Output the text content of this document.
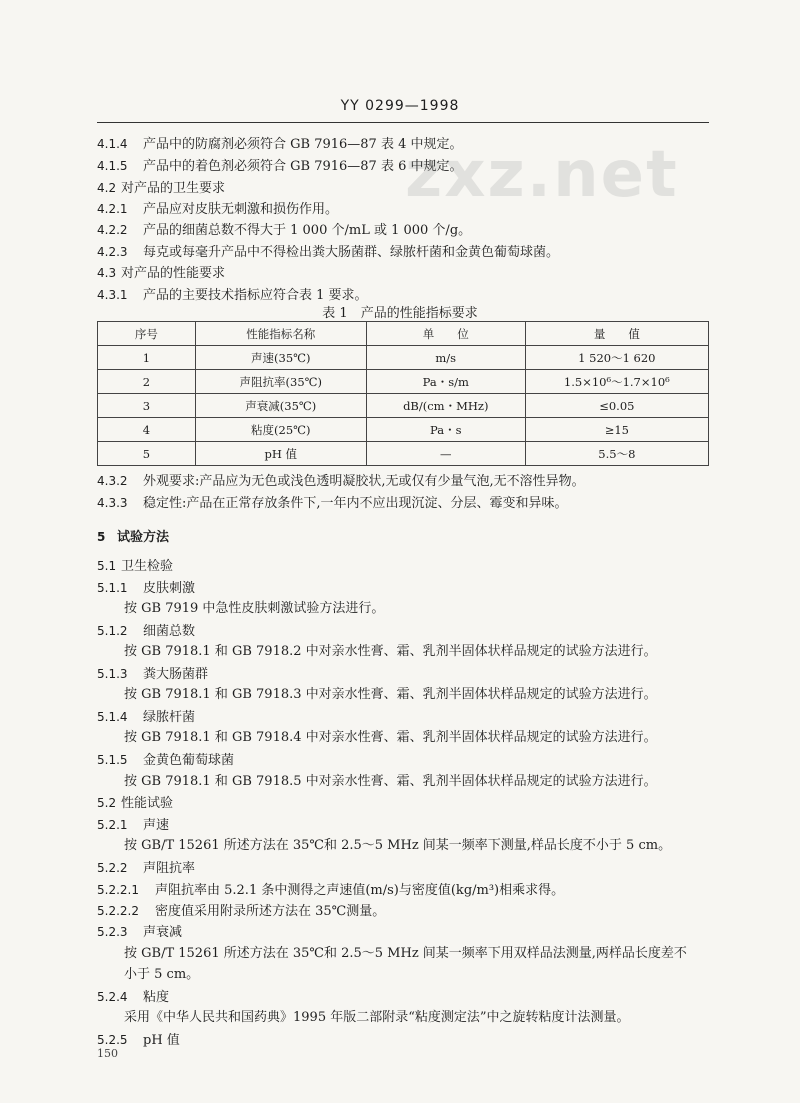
YY 0299—1998
zxz.net
4.1.4 产品中的防腐剂必须符合 GB 7916—87 表 4 中规定。
4.1.5 产品中的着色剂必须符合 GB 7916—87 表 6 中规定。
4.2 对产品的卫生要求
4.2.1 产品应对皮肤无刺激和损伤作用。
4.2.2 产品的细菌总数不得大于 1 000 个/mL 或 1 000 个/g。
4.2.3 每克或每毫升产品中不得检出粪大肠菌群、绿脓杆菌和金黄色葡萄球菌。
4.3 对产品的性能要求
4.3.1 产品的主要技术指标应符合表 1 要求。
表 1　产品的性能指标要求
序号	性能指标名称	单　　位	量　　值
1	声速(35℃)	m/s	1 520～1 620
2	声阻抗率(35℃)	Pa・s/m	1.5×10⁶～1.7×10⁶
3	声衰减(35℃)	dB/(cm・MHz)	≤0.05
4	粘度(25℃)	Pa・s	≥15
5	pH 值	—	5.5～8
4.3.2 外观要求:产品应为无色或浅色透明凝胶状,无或仅有少量气泡,无不溶性异物。
4.3.3 稳定性:产品在正常存放条件下,一年内不应出现沉淀、分层、霉变和异味。
5 试验方法
5.1 卫生检验
5.1.1 皮肤刺激
按 GB 7919 中急性皮肤刺激试验方法进行。
5.1.2 细菌总数
按 GB 7918.1 和 GB 7918.2 中对亲水性膏、霜、乳剂半固体状样品规定的试验方法进行。
5.1.3 粪大肠菌群
按 GB 7918.1 和 GB 7918.3 中对亲水性膏、霜、乳剂半固体状样品规定的试验方法进行。
5.1.4 绿脓杆菌
按 GB 7918.1 和 GB 7918.4 中对亲水性膏、霜、乳剂半固体状样品规定的试验方法进行。
5.1.5 金黄色葡萄球菌
按 GB 7918.1 和 GB 7918.5 中对亲水性膏、霜、乳剂半固体状样品规定的试验方法进行。
5.2 性能试验
5.2.1 声速
按 GB/T 15261 所述方法在 35℃和 2.5～5 MHz 间某一频率下测量,样品长度不小于 5 cm。
5.2.2 声阻抗率
5.2.2.1 声阻抗率由 5.2.1 条中测得之声速值(m/s)与密度值(kg/m³)相乘求得。
5.2.2.2 密度值采用附录所述方法在 35℃测量。
5.2.3 声衰减
按 GB/T 15261 所述方法在 35℃和 2.5～5 MHz 间某一频率下用双样品法测量,两样品长度差不
小于 5 cm。
5.2.4 粘度
采用《中华人民共和国药典》1995 年版二部附录“粘度测定法”中之旋转粘度计法测量。
5.2.5 pH 值
150
